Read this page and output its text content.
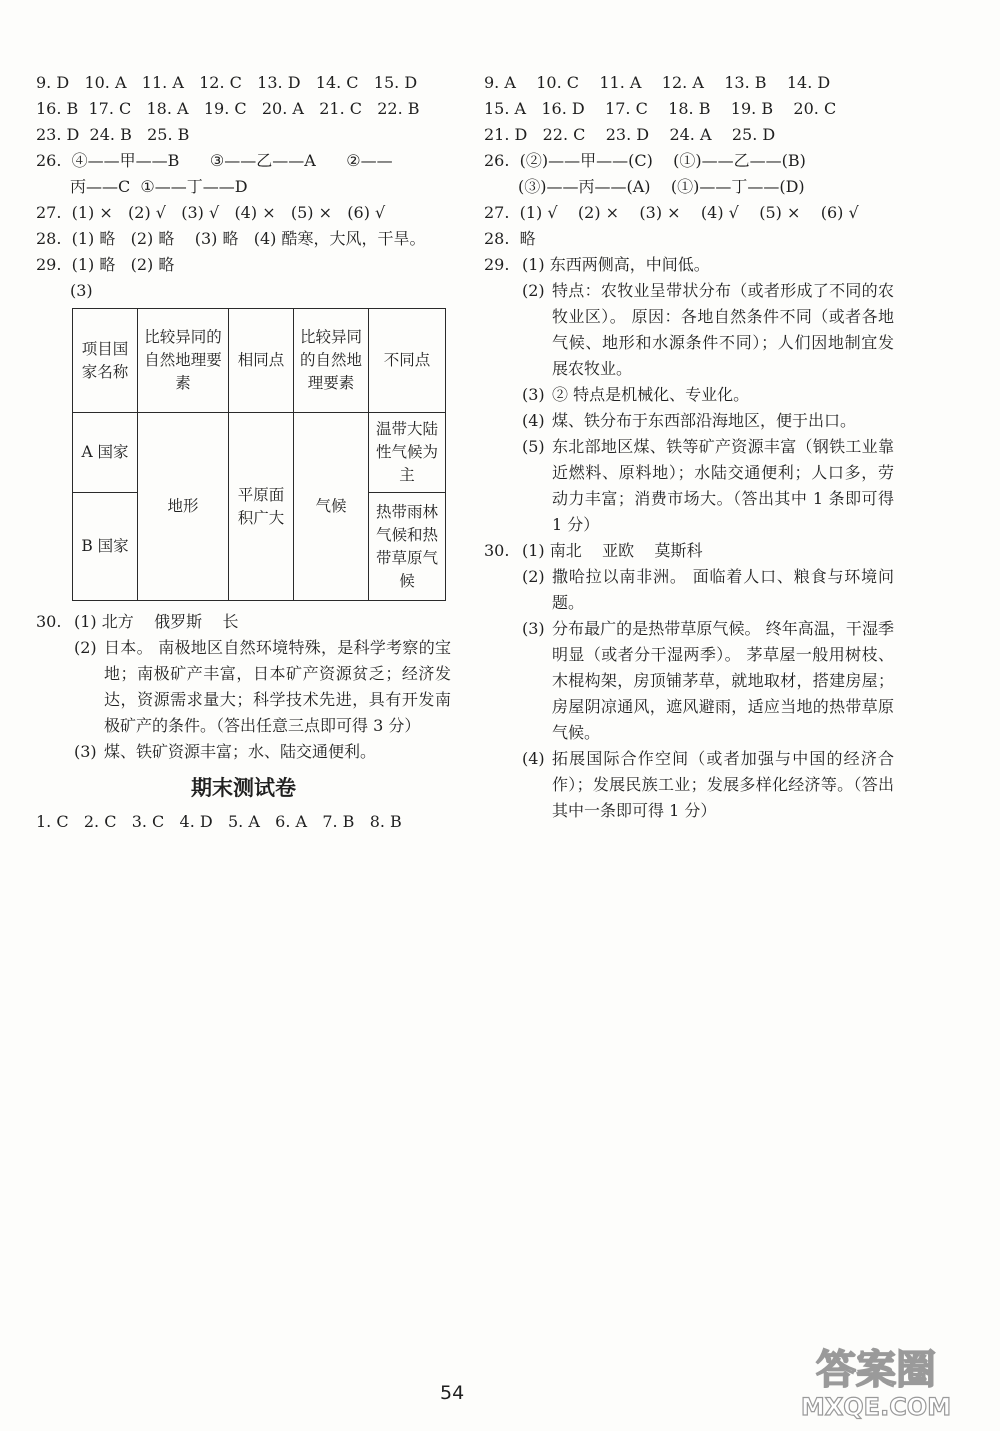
9. D   10. A   11. A   12. C   13. D   14. C   15. D
16. B  17. C   18. A   19. C   20. A   21. C   22. B
23. D  24. B   25. B
26.  ④——甲——B      ③——乙——A      ②——
丙——C  ①——丁——D
27.  (1) ×   (2) √   (3) √   (4) ×   (5) ×   (6) √
28.  (1) 略   (2) 略    (3) 略   (4) 酷寒，大风，干旱。
29.  (1) 略   (2) 略
(3)
项目国家名称	比较异同的自然地理要素	相同点	比较异同的自然地理要素	不同点
A 国家	地形	平原面积广大	气候	温带大陆性气候为主
B 国家				热带雨林气候和热带草原气候
30. (1) 北方    俄罗斯    长
(2) 日本。 南极地区自然环境特殊，是科学考察的宝地；南极矿产丰富，日本矿产资源贫乏；经济发达，资源需求量大；科学技术先进，具有开发南极矿产的条件。（答出任意三点即可得 3 分）
(3) 煤、铁矿资源丰富；水、陆交通便利。
期末测试卷
1. C   2. C   3. C   4. D   5. A   6. A   7. B   8. B
9. A    10. C    11. A    12. A    13. B    14. D
15. A   16. D    17. C    18. B    19. B    20. C
21. D   22. C    23. D    24. A    25. D
26.  (②)——甲——(C)    (①)——乙——(B)
(③)——丙——(A)    (①)——丁——(D)
27.  (1) √    (2) ×    (3) ×    (4) √    (5) ×    (6) √
28.  略
29. (1) 东西两侧高，中间低。
(2) 特点：农牧业呈带状分布（或者形成了不同的农牧业区）。 原因：各地自然条件不同（或者各地气候、地形和水源条件不同）；人们因地制宜发展农牧业。
(3) ② 特点是机械化、专业化。
(4) 煤、铁分布于东西部沿海地区，便于出口。
(5) 东北部地区煤、铁等矿产资源丰富（钢铁工业靠近燃料、原料地）；水陆交通便利；人口多，劳动力丰富；消费市场大。（答出其中 1 条即可得 1 分）
30. (1) 南北    亚欧    莫斯科
(2) 撒哈拉以南非洲。 面临着人口、粮食与环境问题。
(3) 分布最广的是热带草原气候。 终年高温，干湿季明显（或者分干湿两季）。 茅草屋一般用树枝、木棍构架，房顶铺茅草，就地取材，搭建房屋；房屋阴凉通风，遮风避雨，适应当地的热带草原气候。
(4) 拓展国际合作空间（或者加强与中国的经济合作）；发展民族工业；发展多样化经济等。（答出其中一条即可得 1 分）
54	答案圈
MXQE.COM
